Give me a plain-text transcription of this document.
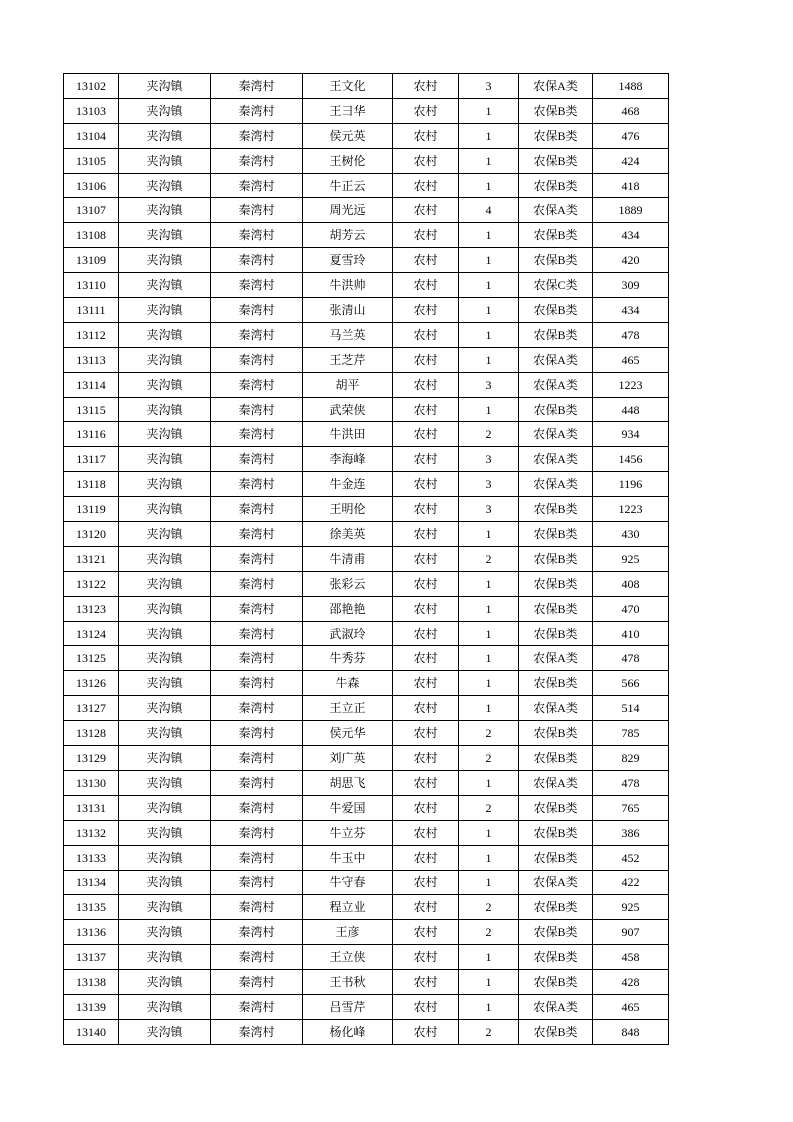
13102	夹沟镇	秦湾村	王文化	农村	3	农保A类	1488
13103	夹沟镇	秦湾村	王彐华	农村	1	农保B类	468
13104	夹沟镇	秦湾村	侯元英	农村	1	农保B类	476
13105	夹沟镇	秦湾村	王树伦	农村	1	农保B类	424
13106	夹沟镇	秦湾村	牛正云	农村	1	农保B类	418
13107	夹沟镇	秦湾村	周光远	农村	4	农保A类	1889
13108	夹沟镇	秦湾村	胡芳云	农村	1	农保B类	434
13109	夹沟镇	秦湾村	夏雪玲	农村	1	农保B类	420
13110	夹沟镇	秦湾村	牛洪帅	农村	1	农保C类	309
13111	夹沟镇	秦湾村	张清山	农村	1	农保B类	434
13112	夹沟镇	秦湾村	马兰英	农村	1	农保B类	478
13113	夹沟镇	秦湾村	王芝芹	农村	1	农保A类	465
13114	夹沟镇	秦湾村	胡平	农村	3	农保A类	1223
13115	夹沟镇	秦湾村	武荣侠	农村	1	农保B类	448
13116	夹沟镇	秦湾村	牛洪田	农村	2	农保A类	934
13117	夹沟镇	秦湾村	李海峰	农村	3	农保A类	1456
13118	夹沟镇	秦湾村	牛金连	农村	3	农保A类	1196
13119	夹沟镇	秦湾村	王明伦	农村	3	农保B类	1223
13120	夹沟镇	秦湾村	徐美英	农村	1	农保B类	430
13121	夹沟镇	秦湾村	牛清甫	农村	2	农保B类	925
13122	夹沟镇	秦湾村	张彩云	农村	1	农保B类	408
13123	夹沟镇	秦湾村	邵艳艳	农村	1	农保B类	470
13124	夹沟镇	秦湾村	武淑玲	农村	1	农保B类	410
13125	夹沟镇	秦湾村	牛秀芬	农村	1	农保A类	478
13126	夹沟镇	秦湾村	牛森	农村	1	农保B类	566
13127	夹沟镇	秦湾村	王立正	农村	1	农保A类	514
13128	夹沟镇	秦湾村	侯元华	农村	2	农保B类	785
13129	夹沟镇	秦湾村	刘广英	农村	2	农保B类	829
13130	夹沟镇	秦湾村	胡思飞	农村	1	农保A类	478
13131	夹沟镇	秦湾村	牛爱国	农村	2	农保B类	765
13132	夹沟镇	秦湾村	牛立芬	农村	1	农保B类	386
13133	夹沟镇	秦湾村	牛玉中	农村	1	农保B类	452
13134	夹沟镇	秦湾村	牛守春	农村	1	农保A类	422
13135	夹沟镇	秦湾村	程立业	农村	2	农保B类	925
13136	夹沟镇	秦湾村	王彦	农村	2	农保B类	907
13137	夹沟镇	秦湾村	王立侠	农村	1	农保B类	458
13138	夹沟镇	秦湾村	王书秋	农村	1	农保B类	428
13139	夹沟镇	秦湾村	吕雪芹	农村	1	农保A类	465
13140	夹沟镇	秦湾村	杨化峰	农村	2	农保B类	848
